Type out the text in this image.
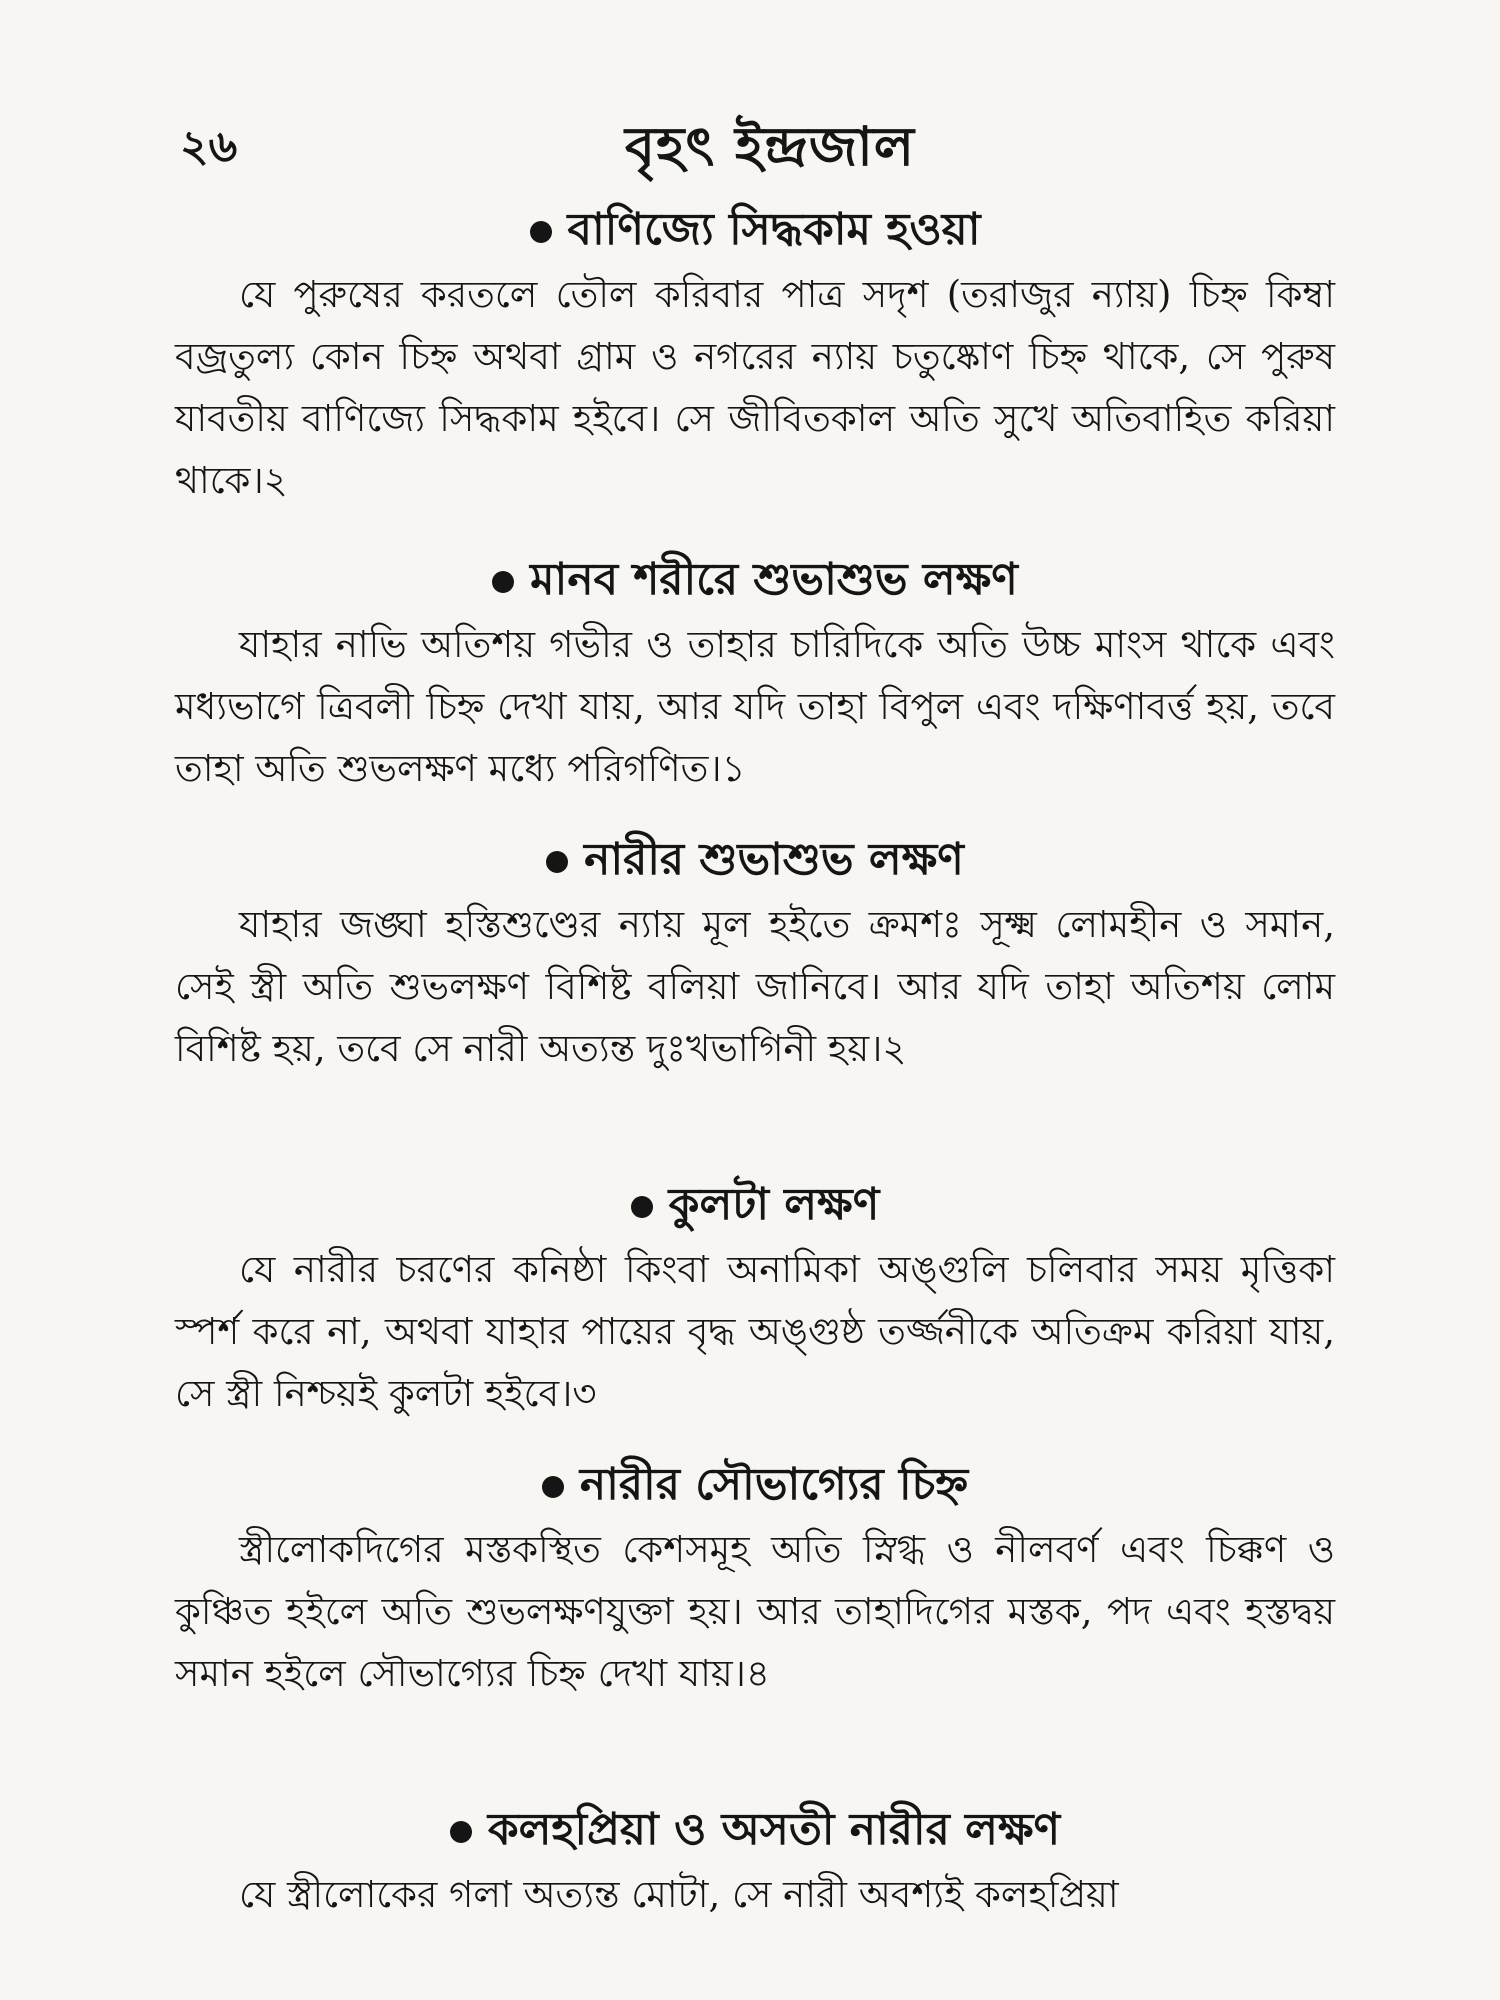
২৬	বৃহৎ ইন্দ্রজাল
বাণিজ্যে সিদ্ধকাম হওয়া

যে পুরুষের করতলে তৌল করিবার পাত্র সদৃশ (তরাজুর ন্যায়) চিহ্ন কিম্বা বজ্রতুল্য কোন চিহ্ন অথবা গ্রাম ও নগরের ন্যায় চতুষ্কোণ চিহ্ন থাকে, সে পুরুষ যাবতীয় বাণিজ্যে সিদ্ধকাম হইবে। সে জীবিতকাল অতি সুখে অতিবাহিত করিয়া থাকে।২

মানব শরীরে শুভাশুভ লক্ষণ

যাহার নাভি অতিশয় গভীর ও তাহার চারিদিকে অতি উচ্চ মাংস থাকে এবং মধ্যভাগে ত্রিবলী চিহ্ন দেখা যায়, আর যদি তাহা বিপুল এবং দক্ষিণাবর্ত্ত হয়, তবে তাহা অতি শুভলক্ষণ মধ্যে পরিগণিত।১

নারীর শুভাশুভ লক্ষণ

যাহার জঙ্ঘা হস্তিশুণ্ডের ন্যায় মূল হইতে ক্রমশঃ সূক্ষ্ম লোমহীন ও সমান, সেই স্ত্রী অতি শুভলক্ষণ বিশিষ্ট বলিয়া জানিবে। আর যদি তাহা অতিশয় লোম বিশিষ্ট হয়, তবে সে নারী অত্যন্ত দুঃখভাগিনী হয়।২

কুলটা লক্ষণ

যে নারীর চরণের কনিষ্ঠা কিংবা অনামিকা অঙ্গুলি চলিবার সময় মৃত্তিকা স্পর্শ করে না, অথবা যাহার পায়ের বৃদ্ধ অঙ্গুষ্ঠ তর্জ্জনীকে অতিক্রম করিয়া যায়, সে স্ত্রী নিশ্চয়ই কুলটা হইবে।৩

নারীর সৌভাগ্যের চিহ্ন

স্ত্রীলোকদিগের মস্তকস্থিত কেশসমূহ অতি স্নিগ্ধ ও নীলবর্ণ এবং চিক্কণ ও কুঞ্চিত হইলে অতি শুভলক্ষণযুক্তা হয়। আর তাহাদিগের মস্তক, পদ এবং হস্তদ্বয় সমান হইলে সৌভাগ্যের চিহ্ন দেখা যায়।৪

কলহপ্রিয়া ও অসতী নারীর লক্ষণ

যে স্ত্রীলোকের গলা অত্যন্ত মোটা, সে নারী অবশ্যই কলহপ্রিয়া
